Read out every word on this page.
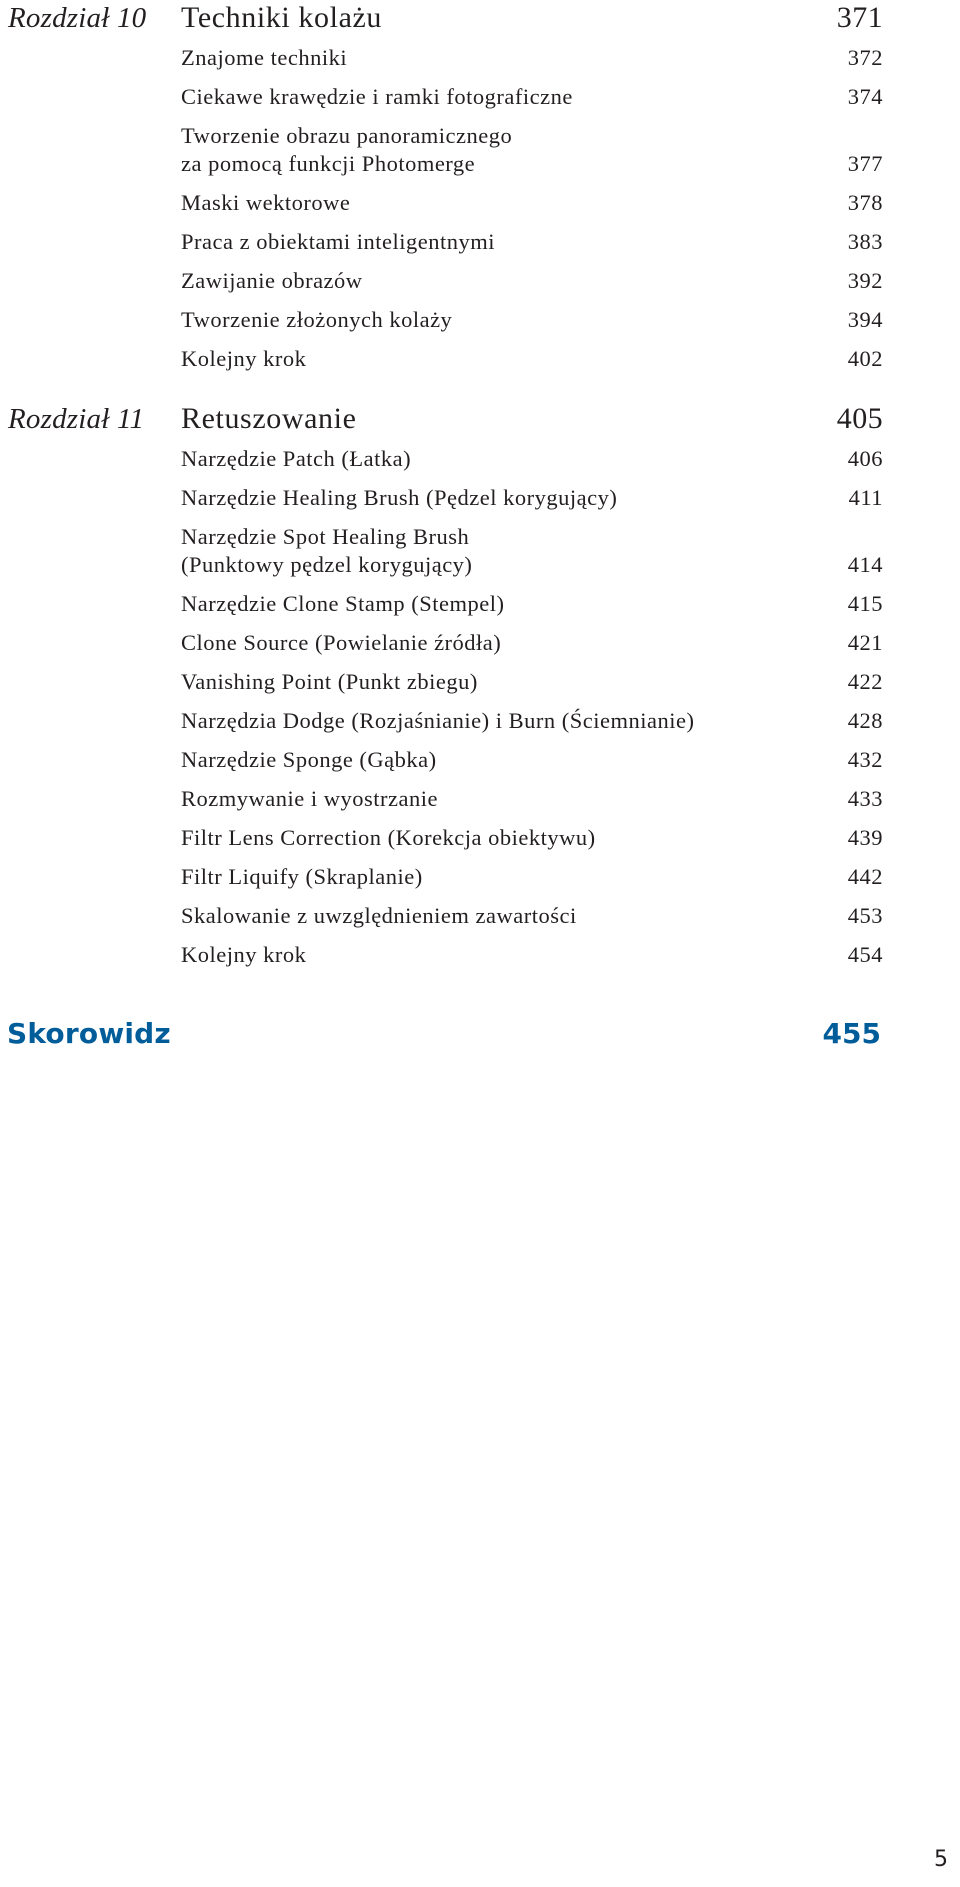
Rozdział 10 Techniki kolażu	371
Znajome techniki	372
Ciekawe krawędzie i ramki fotograficzne	374
Tworzenie obrazu panoramicznego
za pomocą funkcji Photomerge	377
Maski wektorowe	378
Praca z obiektami inteligentnymi	383
Zawijanie obrazów	392
Tworzenie złożonych kolaży	394
Kolejny krok	402
Rozdział 11 Retuszowanie	405
Narzędzie Patch (Łatka)	406
Narzędzie Healing Brush (Pędzel korygujący)	411
Narzędzie Spot Healing Brush
(Punktowy pędzel korygujący)	414
Narzędzie Clone Stamp (Stempel)	415
Clone Source (Powielanie źródła)	421
Vanishing Point (Punkt zbiegu)	422
Narzędzia Dodge (Rozjaśnianie) i Burn (Ściemnianie)	428
Narzędzie Sponge (Gąbka)	432
Rozmywanie i wyostrzanie	433
Filtr Lens Correction (Korekcja obiektywu)	439
Filtr Liquify (Skraplanie)	442
Skalowanie z uwzględnieniem zawartości	453
Kolejny krok	454
Skorowidz	455
5
